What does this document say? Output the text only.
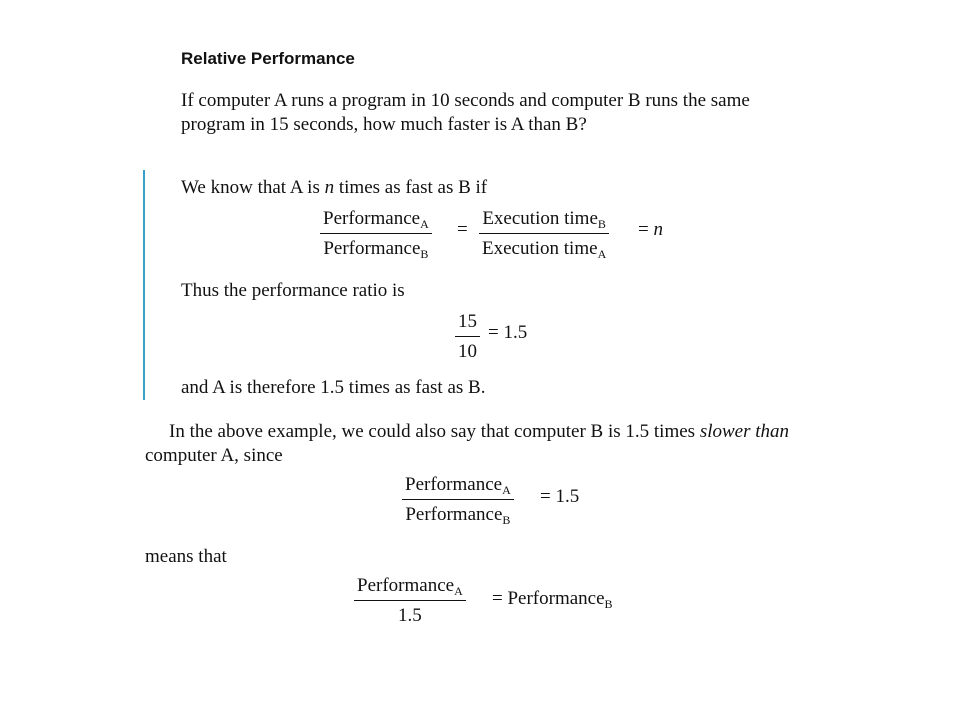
Relative Performance
If computer A runs a program in 10 seconds and computer B runs the same
program in 15 seconds, how much faster is A than B?
We know that A is n times as fast as B if
Performance$_A$
Performance$_B$
=
Execution time$_B$
Execution time$_A$
= n
Thus the performance ratio is
15
10
= 1.5
and A is therefore 1.5 times as fast as B.
In the above example, we could also say that computer B is 1.5 times slower than
computer A, since
Performance$_A$
Performance$_B$
= 1.5
means that
Performance$_A$
1.5
= Performance$_B$
